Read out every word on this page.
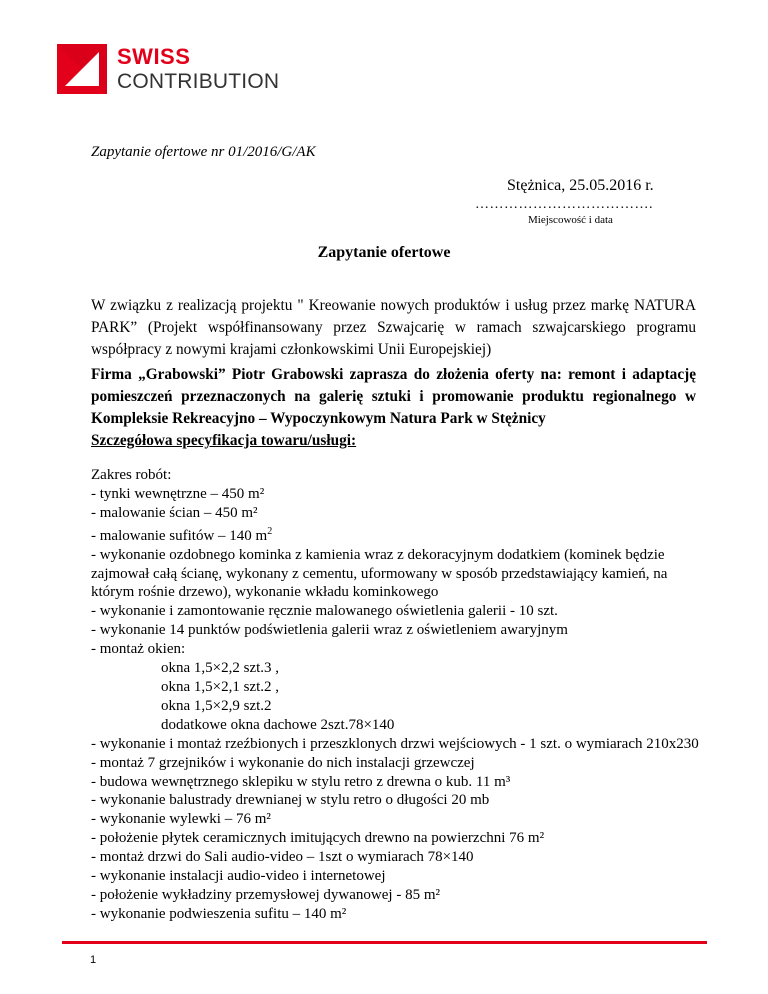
SWISS
CONTRIBUTION
Zapytanie ofertowe nr 01/2016/G/AK
Stężnica, 25.05.2016 r.
……………………………….
Miejscowość i data
Zapytanie ofertowe

W związku z realizacją projektu " Kreowanie nowych produktów i usług przez markę NATURA PARK” (Projekt współfinansowany przez Szwajcarię w ramach szwajcarskiego programu współpracy z nowymi krajami członkowskimi Unii Europejskiej)

Firma „Grabowski” Piotr Grabowski zaprasza do złożenia oferty na: remont i adaptację pomieszczeń przeznaczonych na galerię sztuki i promowanie produktu regionalnego w Kompleksie Rekreacyjno – Wypoczynkowym Natura Park w Stężnicy

Szczegółowa specyfikacja towaru/usługi:
Zakres robót:
- tynki wewnętrzne – 450 m²
- malowanie ścian – 450 m²
- malowanie sufitów – 140 $m^2$
- wykonanie ozdobnego kominka z kamienia wraz z dekoracyjnym dodatkiem (kominek będzie zajmował całą ścianę, wykonany z cementu, uformowany w sposób przedstawiający kamień, na którym rośnie drzewo), wykonanie wkładu kominkowego
- wykonanie i zamontowanie ręcznie malowanego oświetlenia galerii - 10 szt.
- wykonanie 14 punktów podświetlenia galerii wraz z oświetleniem awaryjnym
- montaż okien:
okna 1,5×2,2 szt.3 ,
okna 1,5×2,1 szt.2 ,
okna 1,5×2,9 szt.2
dodatkowe okna dachowe 2szt.78×140
- wykonanie i montaż rzeźbionych i przeszklonych drzwi wejściowych - 1 szt. o wymiarach 210x230
- montaż 7 grzejników i wykonanie do nich instalacji grzewczej
- budowa wewnętrznego sklepiku w stylu retro z drewna o kub. 11 m³
- wykonanie balustrady drewnianej w stylu retro o długości 20 mb
- wykonanie wylewki – 76 m²
- położenie płytek ceramicznych imitujących drewno na powierzchni 76 m²
- montaż drzwi do Sali audio-video – 1szt o wymiarach 78×140
- wykonanie instalacji audio-video i internetowej
- położenie wykładziny przemysłowej dywanowej - 85 m²
- wykonanie podwieszenia sufitu – 140 m²
1
